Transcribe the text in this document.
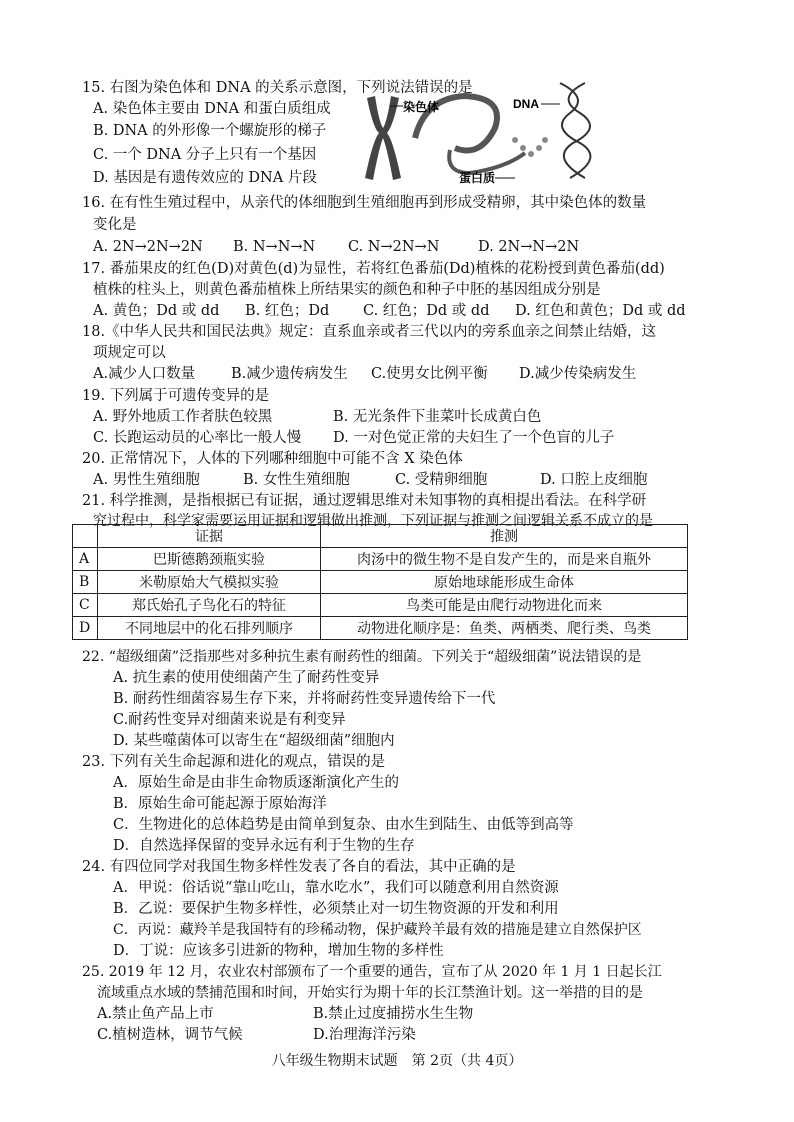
15. 右图为染色体和 DNA 的关系示意图，下列说法错误的是
A. 染色体主要由 DNA 和蛋白质组成
B. DNA 的外形像一个螺旋形的梯子
C. 一个 DNA 分子上只有一个基因
D. 基因是有遗传效应的 DNA 片段
染色体	DNA
蛋白质
16. 在有性生殖过程中，从亲代的体细胞到生殖细胞再到形成受精卵，其中染色体的数量
变化是
A. 2N→2N→2N B. N→N→N C. N→2N→N	D. 2N→N→2N
17. 番茄果皮的红色(D)对黄色(d)为显性，若将红色番茄(Dd)植株的花粉授到黄色番茄(dd)
植株的柱头上，则黄色番茄植株上所结果实的颜色和种子中胚的基因组成分别是
A. 黄色；Dd 或 dd B. 红色；Dd C. 红色；Dd 或 dd D. 红色和黄色；Dd 或 dd
18.《中华人民共和国民法典》规定：直系血亲或者三代以内的旁系血亲之间禁止结婚，这
项规定可以
A.减少人口数量 B.减少遗传病发生 C.使男女比例平衡 D.减少传染病发生
19. 下列属于可遗传变异的是
A. 野外地质工作者肤色较黑	B. 无光条件下韭菜叶长成黄白色
C. 长跑运动员的心率比一般人慢 D. 一对色觉正常的夫妇生了一个色盲的儿子
20. 正常情况下，人体的下列哪种细胞中可能不含 X 染色体
A. 男性生殖细胞	B. 女性生殖细胞	C. 受精卵细胞	D. 口腔上皮细胞
21. 科学推测，是指根据已有证据，通过逻辑思维对未知事物的真相提出看法。在科学研
究过程中，科学家需要运用证据和逻辑做出推测，下列证据与推测之间逻辑关系不成立的是
	证据	推测
A	巴斯德鹅颈瓶实验	肉汤中的微生物不是自发产生的，而是来自瓶外
B	米勒原始大气模拟实验	原始地球能形成生命体
C	郑氏始孔子鸟化石的特征	鸟类可能是由爬行动物进化而来
D	不同地层中的化石排列顺序	动物进化顺序是：鱼类、两栖类、爬行类、鸟类
22. “超级细菌”泛指那些对多种抗生素有耐药性的细菌。下列关于“超级细菌”说法错误的是
A. 抗生素的使用使细菌产生了耐药性变异
B. 耐药性细菌容易生存下来，并将耐药性变异遗传给下一代
C.耐药性变异对细菌来说是有利变异
D. 某些噬菌体可以寄生在“超级细菌”细胞内
23. 下列有关生命起源和进化的观点，错误的是
A．原始生命是由非生命物质逐渐演化产生的
B．原始生命可能起源于原始海洋
C．生物进化的总体趋势是由简单到复杂、由水生到陆生、由低等到高等
D．自然选择保留的变异永远有利于生物的生存
24. 有四位同学对我国生物多样性发表了各自的看法，其中正确的是
A．甲说：俗话说“靠山吃山，靠水吃水”，我们可以随意利用自然资源
B．乙说：要保护生物多样性，必须禁止对一切生物资源的开发和利用
C．丙说：藏羚羊是我国特有的珍稀动物，保护藏羚羊最有效的措施是建立自然保护区
D．丁说：应该多引进新的物种，增加生物的多样性
25. 2019 年 12 月，农业农村部颁布了一个重要的通告，宣布了从 2020 年 1 月 1 日起长江
流域重点水域的禁捕范围和时间，开始实行为期十年的长江禁渔计划。这一举措的目的是
A.禁止鱼产品上市	B.禁止过度捕捞水生生物
C.植树造林，调节气候	D.治理海洋污染
八年级生物期末试题　第 2页（共 4页）
